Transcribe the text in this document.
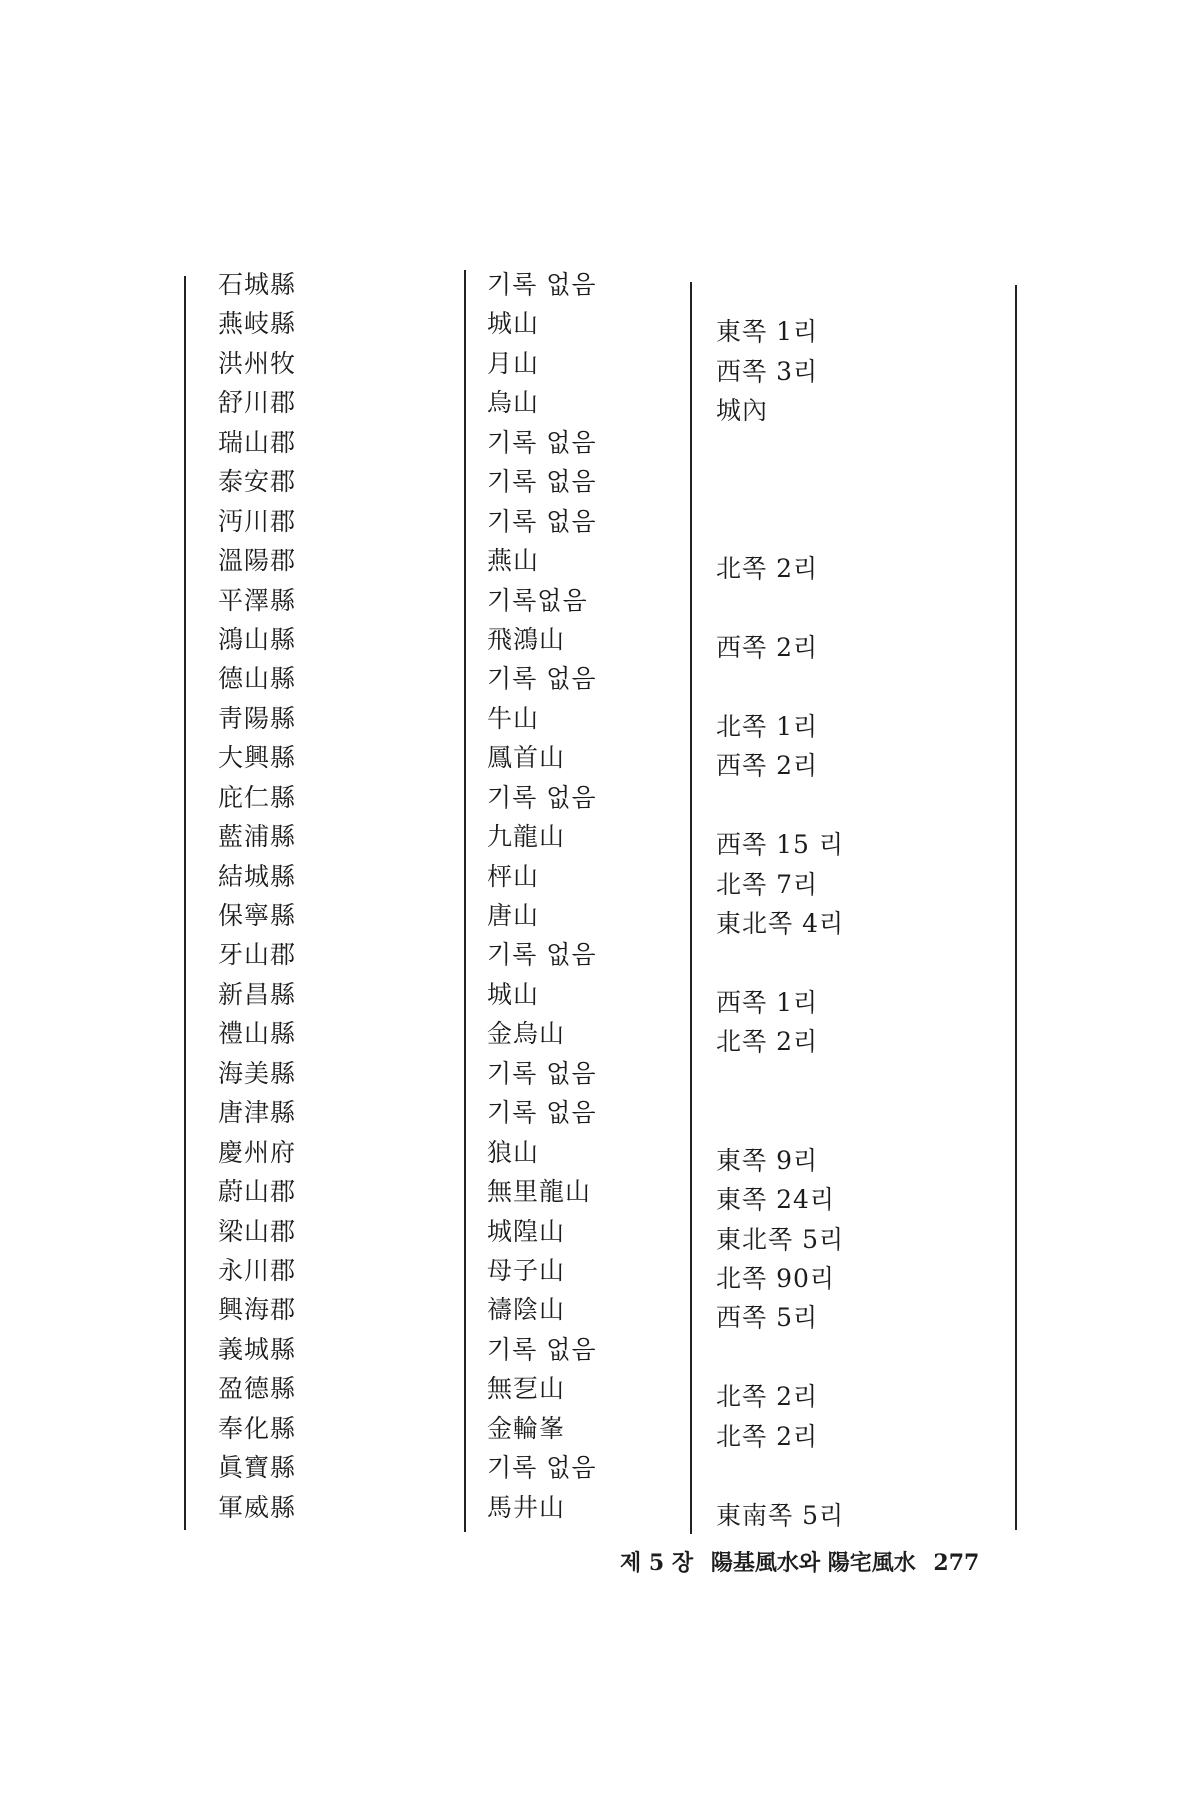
石城縣	기록 없음
燕岐縣	城山	東쪽 1리
洪州牧	月山	西쪽 3리
舒川郡	烏山	城內
瑞山郡	기록 없음
泰安郡	기록 없음
沔川郡	기록 없음
溫陽郡	燕山	北쪽 2리
平澤縣	기록없음
鴻山縣	飛鴻山	西쪽 2리
德山縣	기록 없음
靑陽縣	牛山	北쪽 1리
大興縣	鳳首山	西쪽 2리
庇仁縣	기록 없음
藍浦縣	九龍山	西쪽 15 리
結城縣	枰山	北쪽 7리
保寧縣	唐山	東北쪽 4리
牙山郡	기록 없음
新昌縣	城山	西쪽 1리
禮山縣	金烏山	北쪽 2리
海美縣	기록 없음
唐津縣	기록 없음
慶州府	狼山	東쪽 9리
蔚山郡	無里龍山	東쪽 24리
梁山郡	城隍山	東北쪽 5리
永川郡	母子山	北쪽 90리
興海郡	禱陰山	西쪽 5리
義城縣	기록 없음
盈德縣	無乭山	北쪽 2리
奉化縣	金輪峯	北쪽 2리
眞寶縣	기록 없음
軍威縣	馬井山	東南쪽 5리
제 5 장 陽基風水와 陽宅風水 277
